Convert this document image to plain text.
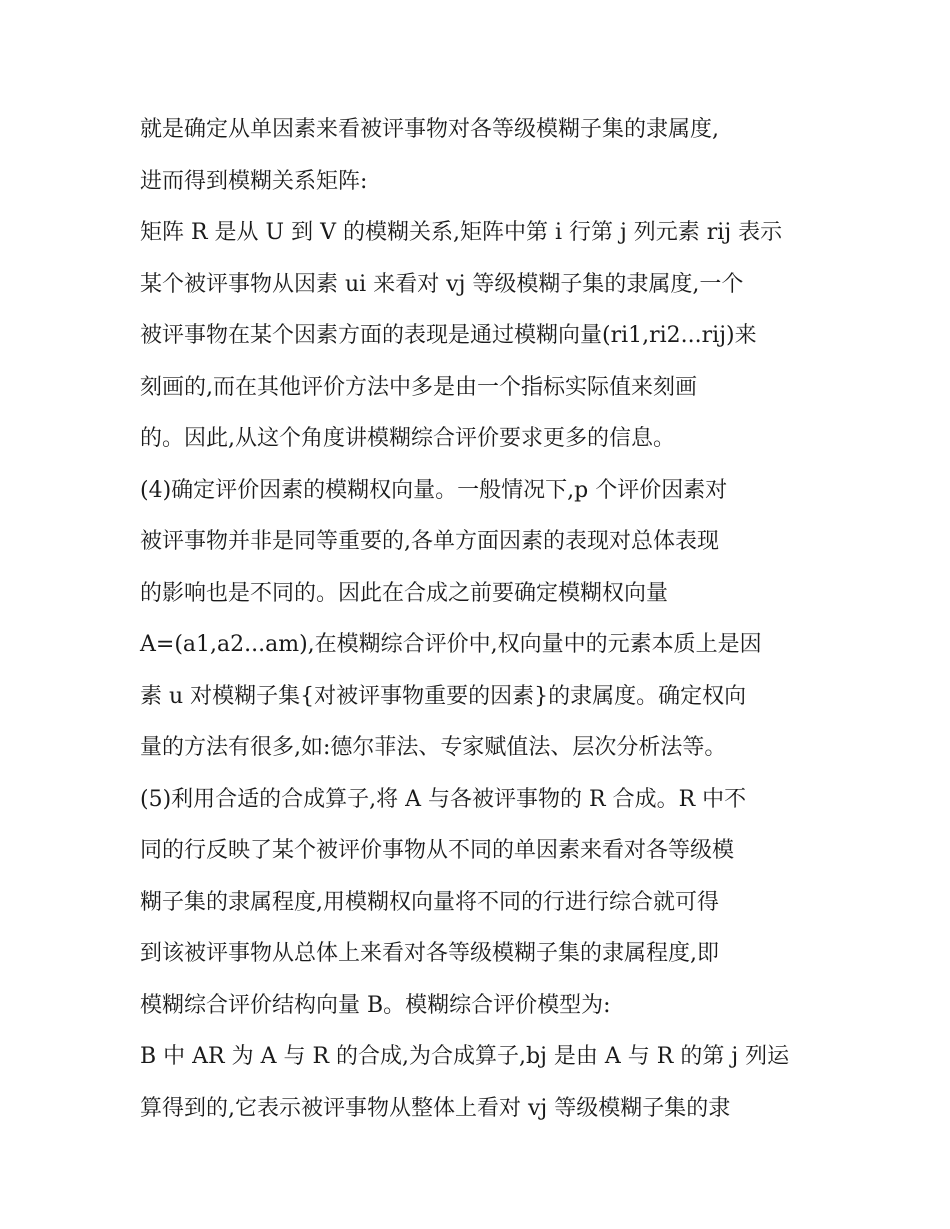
就是确定从单因素来看被评事物对各等级模糊子集的隶属度,
进而得到模糊关系矩阵:
矩阵 R 是从 U 到 V 的模糊关系,矩阵中第 i 行第 j 列元素 rij 表示
某个被评事物从因素 ui 来看对 vj 等级模糊子集的隶属度,一个
被评事物在某个因素方面的表现是通过模糊向量(ri1,ri2...rij)来
刻画的,而在其他评价方法中多是由一个指标实际值来刻画
的。因此,从这个角度讲模糊综合评价要求更多的信息。
(4)确定评价因素的模糊权向量。一般情况下,p 个评价因素对
被评事物并非是同等重要的,各单方面因素的表现对总体表现
的影响也是不同的。因此在合成之前要确定模糊权向量
A=(a1,a2...am),在模糊综合评价中,权向量中的元素本质上是因
素 u 对模糊子集{对被评事物重要的因素}的隶属度。确定权向
量的方法有很多,如:德尔菲法、专家赋值法、层次分析法等。
(5)利用合适的合成算子,将 A 与各被评事物的 R 合成。R 中不
同的行反映了某个被评价事物从不同的单因素来看对各等级模
糊子集的隶属程度,用模糊权向量将不同的行进行综合就可得
到该被评事物从总体上来看对各等级模糊子集的隶属程度,即
模糊综合评价结构向量 B。模糊综合评价模型为:
B 中 AR 为 A 与 R 的合成,为合成算子,bj 是由 A 与 R 的第 j 列运
算得到的,它表示被评事物从整体上看对 vj 等级模糊子集的隶
